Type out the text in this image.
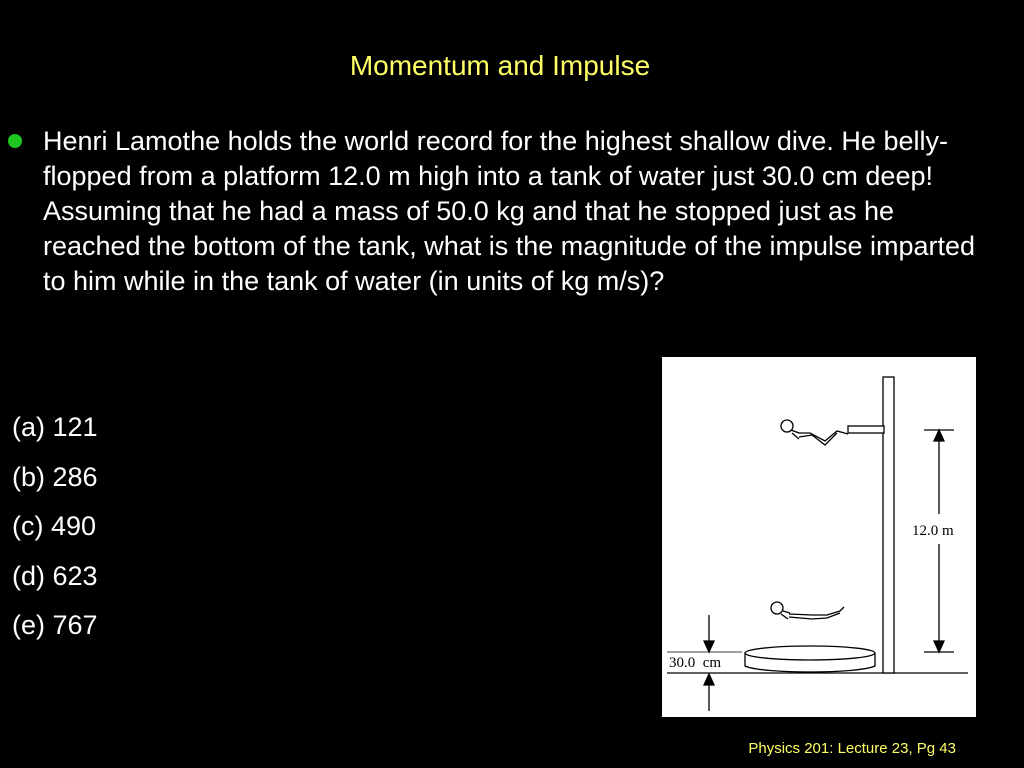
Momentum and Impulse
Henri Lamothe holds the world record for the highest shallow dive. He belly-flopped from a platform 12.0 m high into a tank of water just 30.0 cm deep! Assuming that he had a mass of 50.0 kg and that he stopped just as he reached the bottom of the tank, what is the magnitude of the impulse imparted to him while in the tank of water (in units of kg m/s)?
(a) 121
(b) 286
(c) 490
(d) 623
(e) 767
12.0 m
30.0  cm
Physics 201: Lecture 23, Pg 43
